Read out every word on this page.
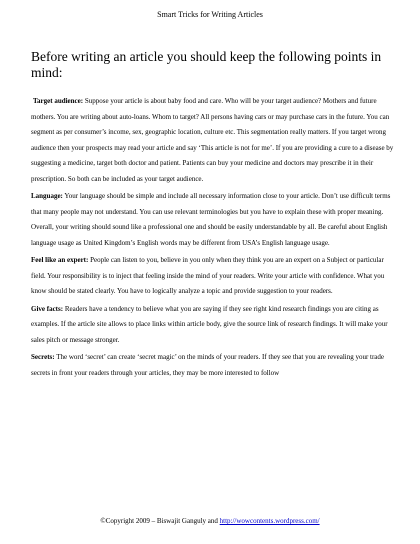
Smart Tricks for Writing Articles
Before writing an article you should keep the following points in mind:

Target audience: Suppose your article is about baby food and care. Who will be your target audience? Mothers and future mothers. You are writing about auto-loans. Whom to target? All persons having cars or may purchase cars in the future. You can segment as per consumer’s income, sex, geographic location, culture etc. This segmentation really matters. If you target wrong audience then your prospects may read your article and say ‘This article is not for me’. If you are providing a cure to a disease by suggesting a medicine, target both doctor and patient. Patients can buy your medicine and doctors may prescribe it in their prescription. So both can be included as your target audience.

Language: Your language should be simple and include all necessary information close to your article. Don’t use difficult terms that many people may not understand. You can use relevant terminologies but you have to explain these with proper meaning. Overall, your writing should sound like a professional one and should be easily understandable by all. Be careful about English language usage as United Kingdom’s English words may be different from USA’s English language usage.

Feel like an expert: People can listen to you, believe in you only when they think you are an expert on a Subject or particular field. Your responsibility is to inject that feeling inside the mind of your readers. Write your article with confidence. What you know should be stated clearly. You have to logically analyze a topic and provide suggestion to your readers.

Give facts: Readers have a tendency to believe what you are saying if they see right kind research findings you are citing as examples. If the article site allows to place links within article body, give the source link of research findings. It will make your sales pitch or message stronger.

Secrets: The word ‘secret’ can create ‘secret magic’ on the minds of your readers. If they see that you are revealing your trade secrets in front your readers through your articles, they may be more interested to follow

©Copyright 2009 – Biswajit Ganguly and http://wowcontents.wordpress.com/
